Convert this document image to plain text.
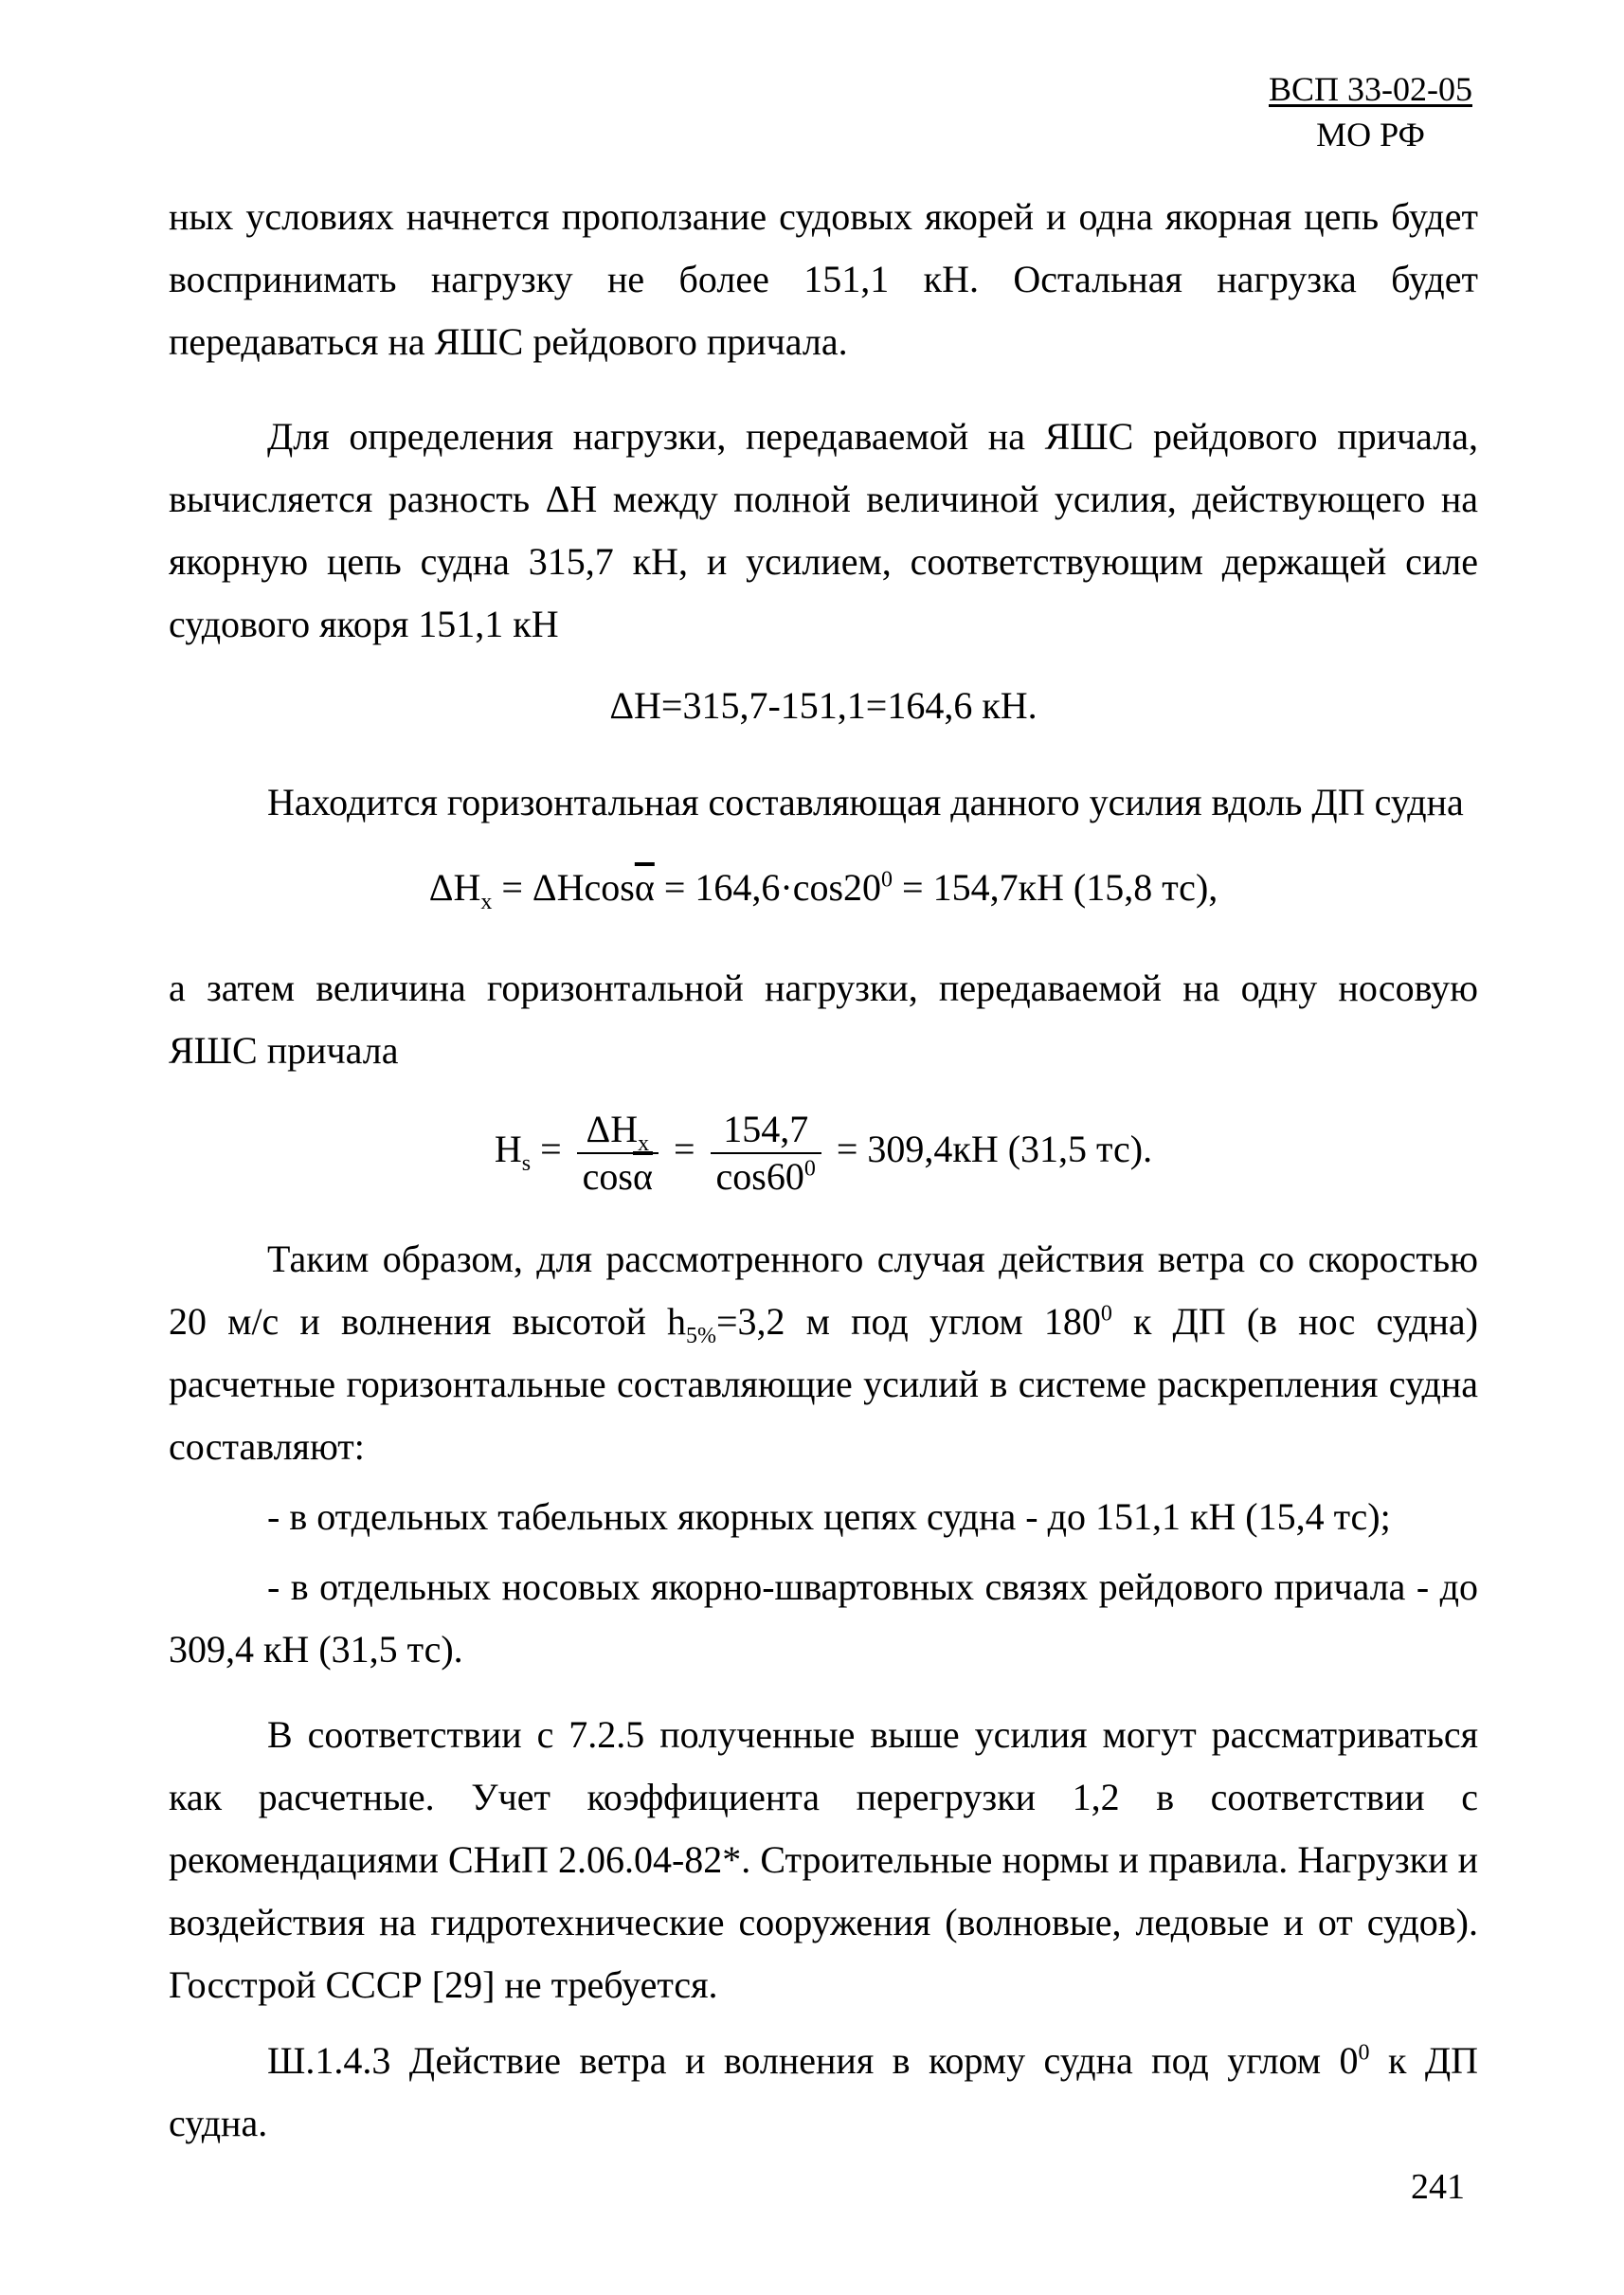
ВСП 33-02-05
МО РФ

ных условиях начнется проползание судовых якорей и одна якорная цепь будет воспринимать нагрузку не более 151,1 кН. Остальная нагрузка будет передаваться на ЯШС рейдового причала.

Для определения нагрузки, передаваемой на ЯШС рейдового причала, вычисляется разность ΔН между полной величиной усилия, действующего на якорную цепь судна 315,7 кН, и усилием, соответствующим держащей силе судового якоря 151,1 кН

ΔН=315,7-151,1=164,6 кН.

Находится горизонтальная составляющая данного усилия вдоль ДП судна

$\Delta H_x = \Delta Hcos\overline{\alpha} = 164,6\cdot\cos 20^0 = 154,7кН$ (15,8 тс),

а затем величина горизонтальной нагрузки, передаваемой на одну носовую ЯШС причала

$H_s = \frac{\Delta H_x}{\cos\overline{\alpha}} = \frac{154,7}{\cos 60^0} = 309,4кН$ (31,5 тс).

Таким образом, для рассмотренного случая действия ветра со скоростью 20 м/с и волнения высотой $h_{5\%}=3,2$ м под углом $180^0$ к ДП (в нос судна) расчетные горизонтальные составляющие усилий в системе раскрепления судна составляют:

- в отдельных табельных якорных цепях судна - до 151,1 кН (15,4 тс);

- в отдельных носовых якорно-швартовных связях рейдового причала - до 309,4 кН (31,5 тс).

В соответствии с 7.2.5 полученные выше усилия могут рассматриваться как расчетные. Учет коэффициента перегрузки 1,2 в соответствии с рекомендациями СНиП 2.06.04-82*. Строительные нормы и правила. Нагрузки и воздействия на гидротехнические сооружения (волновые, ледовые и от судов). Госстрой СССР [29] не требуется.

Ш.1.4.3 Действие ветра и волнения в корму судна под углом $0^0$ к ДП судна.

241
